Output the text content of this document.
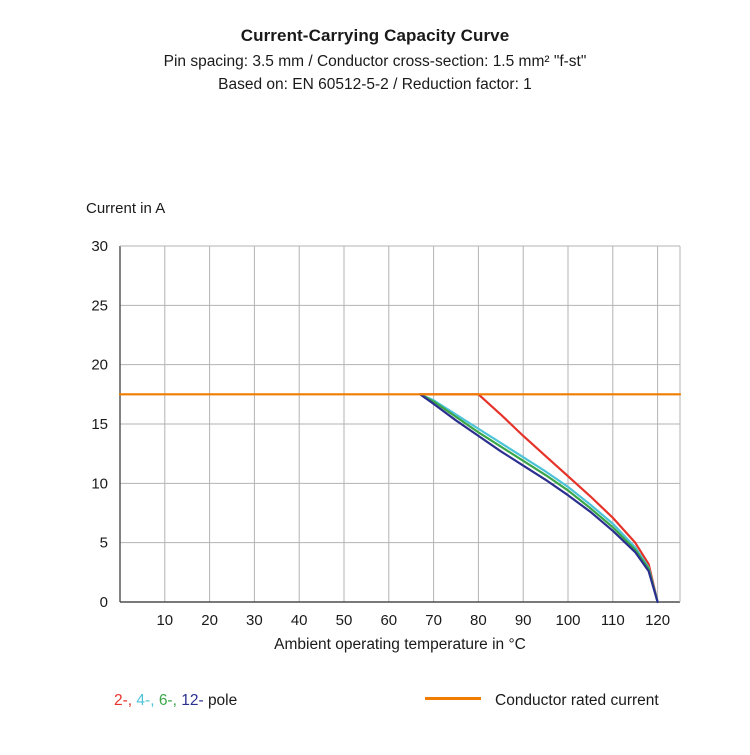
Current-Carrying Capacity Curve
Pin spacing: 3.5 mm / Conductor cross-section: 1.5 mm² "f-st"
Based on: EN 60512-5-2 / Reduction factor: 1
Current in A
0
5
10
15
20
25
30
10 20 30 40 50 60 70 80 90 100 110 120
Ambient operating temperature in °C
2-, 4-, 6-, 12- pole	Conductor rated current
